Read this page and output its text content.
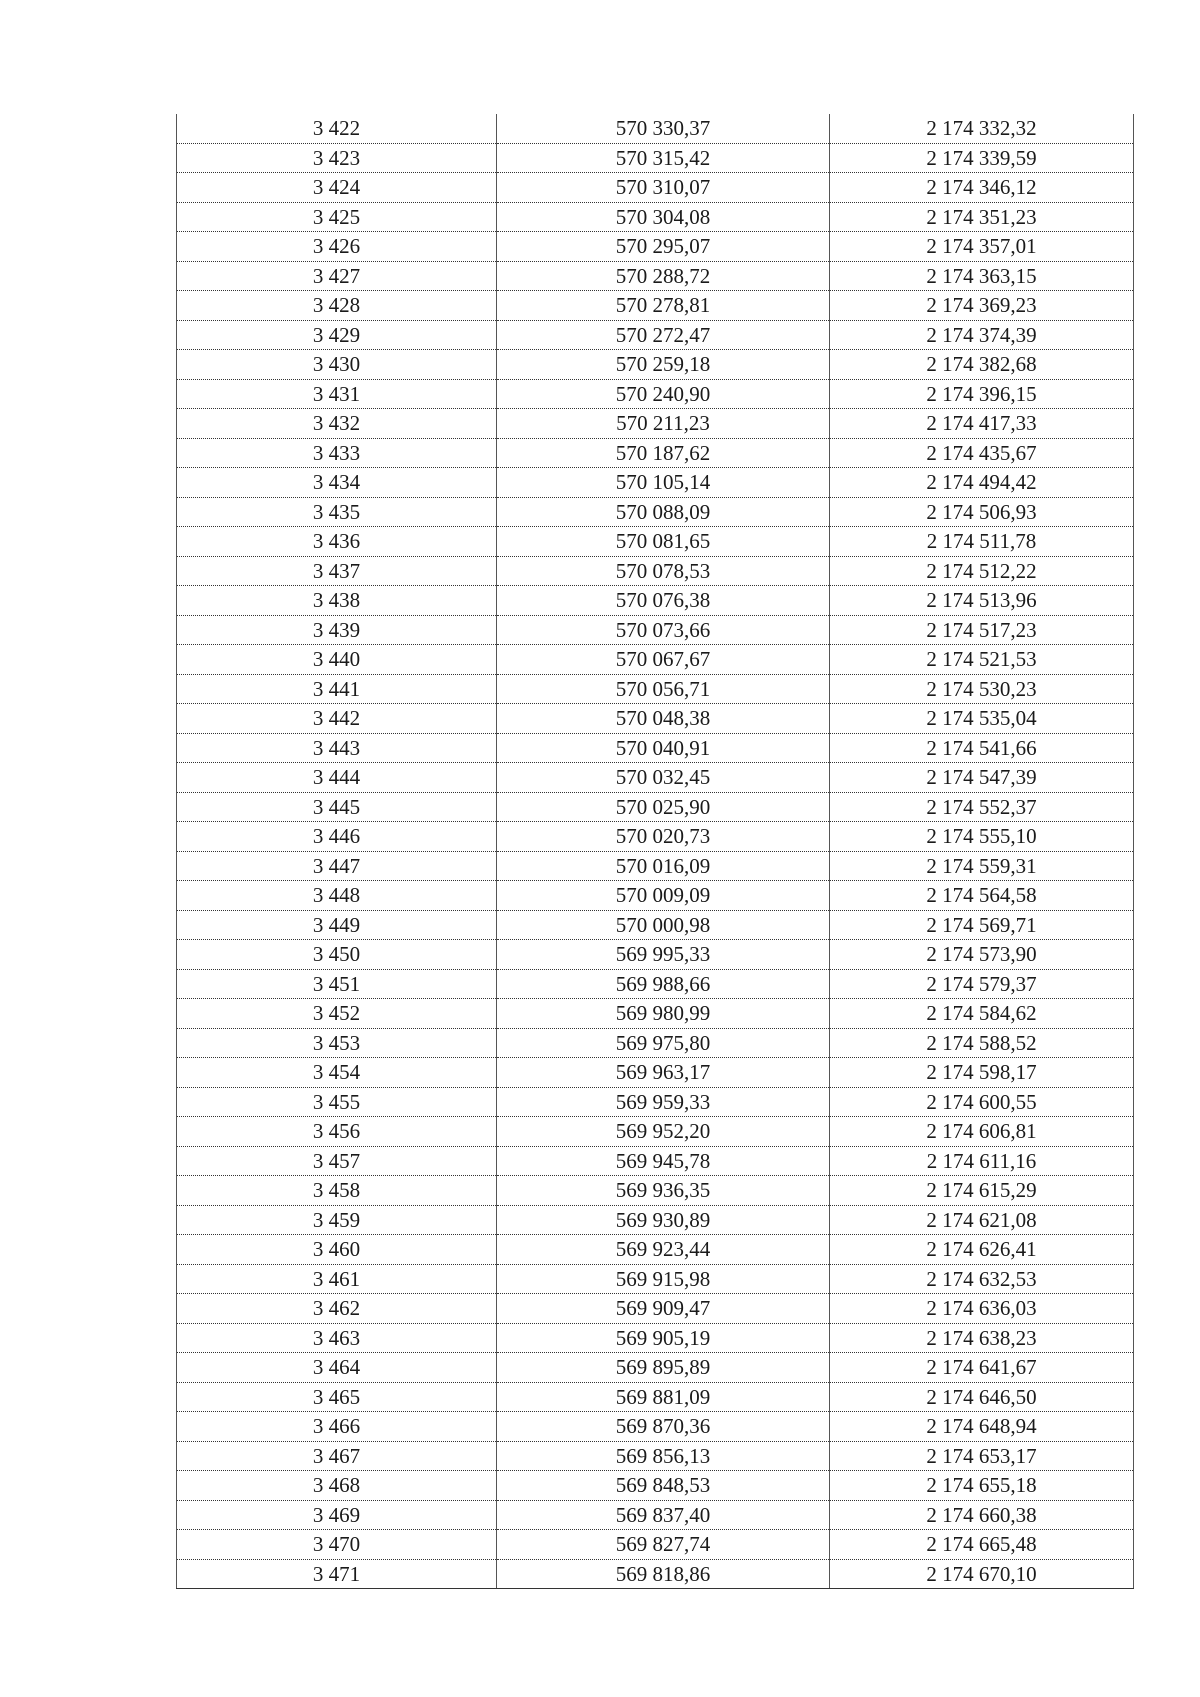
3 422	570 330,37	2 174 332,32
3 423	570 315,42	2 174 339,59
3 424	570 310,07	2 174 346,12
3 425	570 304,08	2 174 351,23
3 426	570 295,07	2 174 357,01
3 427	570 288,72	2 174 363,15
3 428	570 278,81	2 174 369,23
3 429	570 272,47	2 174 374,39
3 430	570 259,18	2 174 382,68
3 431	570 240,90	2 174 396,15
3 432	570 211,23	2 174 417,33
3 433	570 187,62	2 174 435,67
3 434	570 105,14	2 174 494,42
3 435	570 088,09	2 174 506,93
3 436	570 081,65	2 174 511,78
3 437	570 078,53	2 174 512,22
3 438	570 076,38	2 174 513,96
3 439	570 073,66	2 174 517,23
3 440	570 067,67	2 174 521,53
3 441	570 056,71	2 174 530,23
3 442	570 048,38	2 174 535,04
3 443	570 040,91	2 174 541,66
3 444	570 032,45	2 174 547,39
3 445	570 025,90	2 174 552,37
3 446	570 020,73	2 174 555,10
3 447	570 016,09	2 174 559,31
3 448	570 009,09	2 174 564,58
3 449	570 000,98	2 174 569,71
3 450	569 995,33	2 174 573,90
3 451	569 988,66	2 174 579,37
3 452	569 980,99	2 174 584,62
3 453	569 975,80	2 174 588,52
3 454	569 963,17	2 174 598,17
3 455	569 959,33	2 174 600,55
3 456	569 952,20	2 174 606,81
3 457	569 945,78	2 174 611,16
3 458	569 936,35	2 174 615,29
3 459	569 930,89	2 174 621,08
3 460	569 923,44	2 174 626,41
3 461	569 915,98	2 174 632,53
3 462	569 909,47	2 174 636,03
3 463	569 905,19	2 174 638,23
3 464	569 895,89	2 174 641,67
3 465	569 881,09	2 174 646,50
3 466	569 870,36	2 174 648,94
3 467	569 856,13	2 174 653,17
3 468	569 848,53	2 174 655,18
3 469	569 837,40	2 174 660,38
3 470	569 827,74	2 174 665,48
3 471	569 818,86	2 174 670,10
